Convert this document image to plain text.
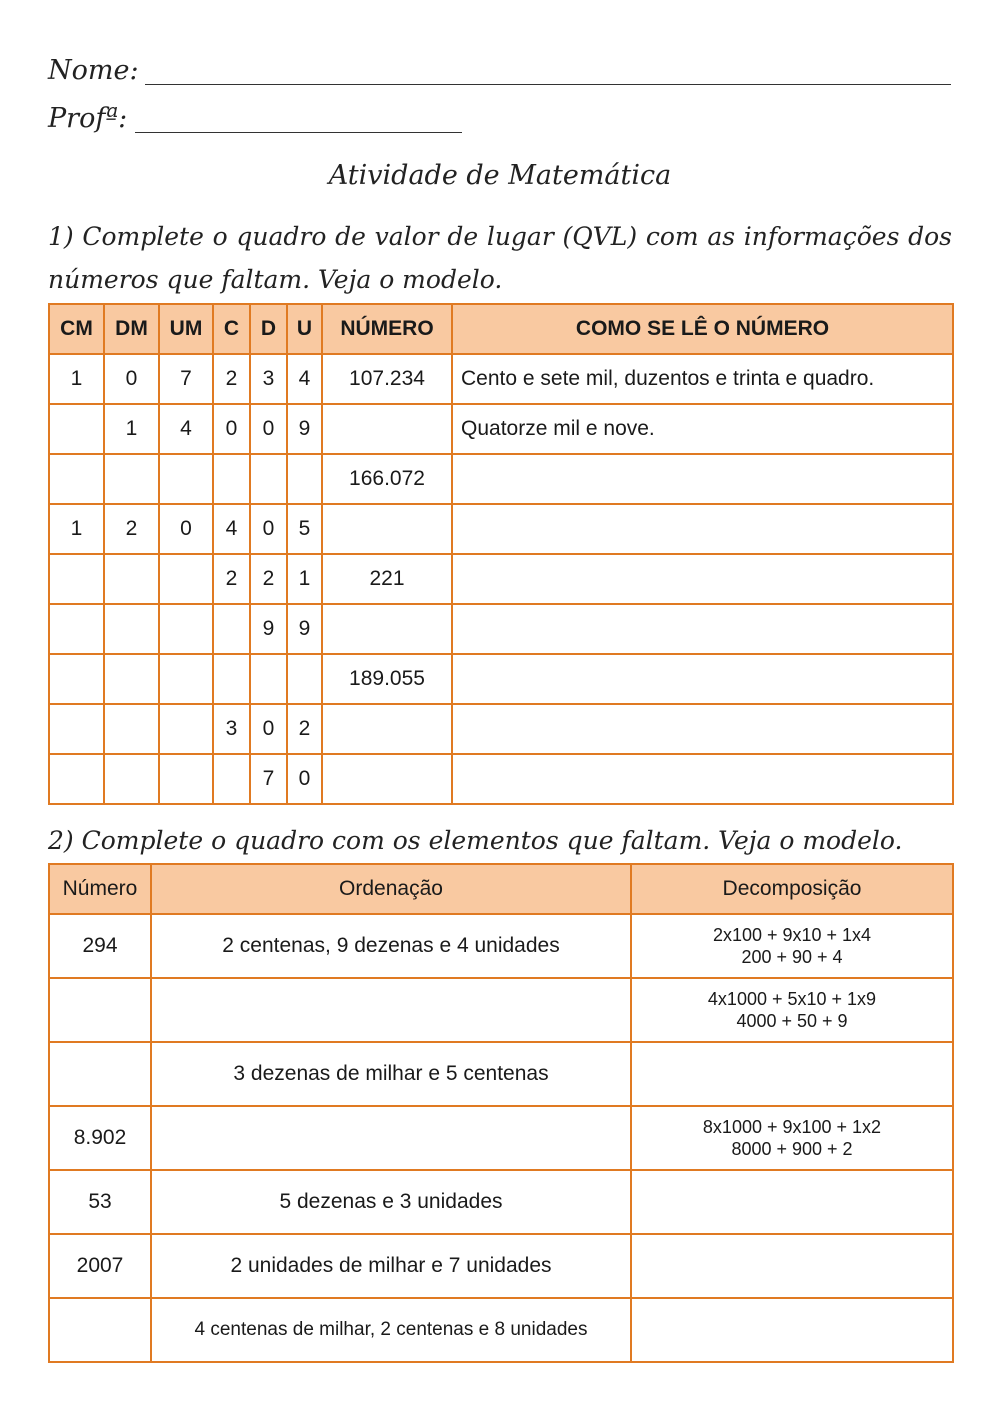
Nome:
Profª:
Atividade de Matemática
1) Complete o quadro de valor de lugar (QVL) com as informações dos números que faltam. Veja o modelo.
CM	DM	UM	C	D	U	NÚMERO	COMO SE LÊ O NÚMERO
1	0	7	2	3	4	107.234	Cento e sete mil, duzentos e trinta e quadro.
	1	4	0	0	9		Quatorze mil e nove.
						166.072	
1	2	0	4	0	5		
			2	2	1	221	
				9	9		
						189.055	
			3	0	2		
				7	0		
2) Complete o quadro com os elementos que faltam. Veja o modelo.
Número	Ordenação	Decomposição
294	2 centenas, 9 dezenas e 4 unidades	2x100 + 9x10 + 1x4
200 + 90 + 4

		4x1000 + 5x10 + 1x9
4000 + 50 + 9

	3 dezenas de milhar e 5 centenas	

8.902		8x1000 + 9x100 + 1x2
8000 + 900 + 2

53	5 dezenas e 3 unidades	

2007	2 unidades de milhar e 7 unidades	

	4 centenas de milhar, 2 centenas e 8 unidades	
